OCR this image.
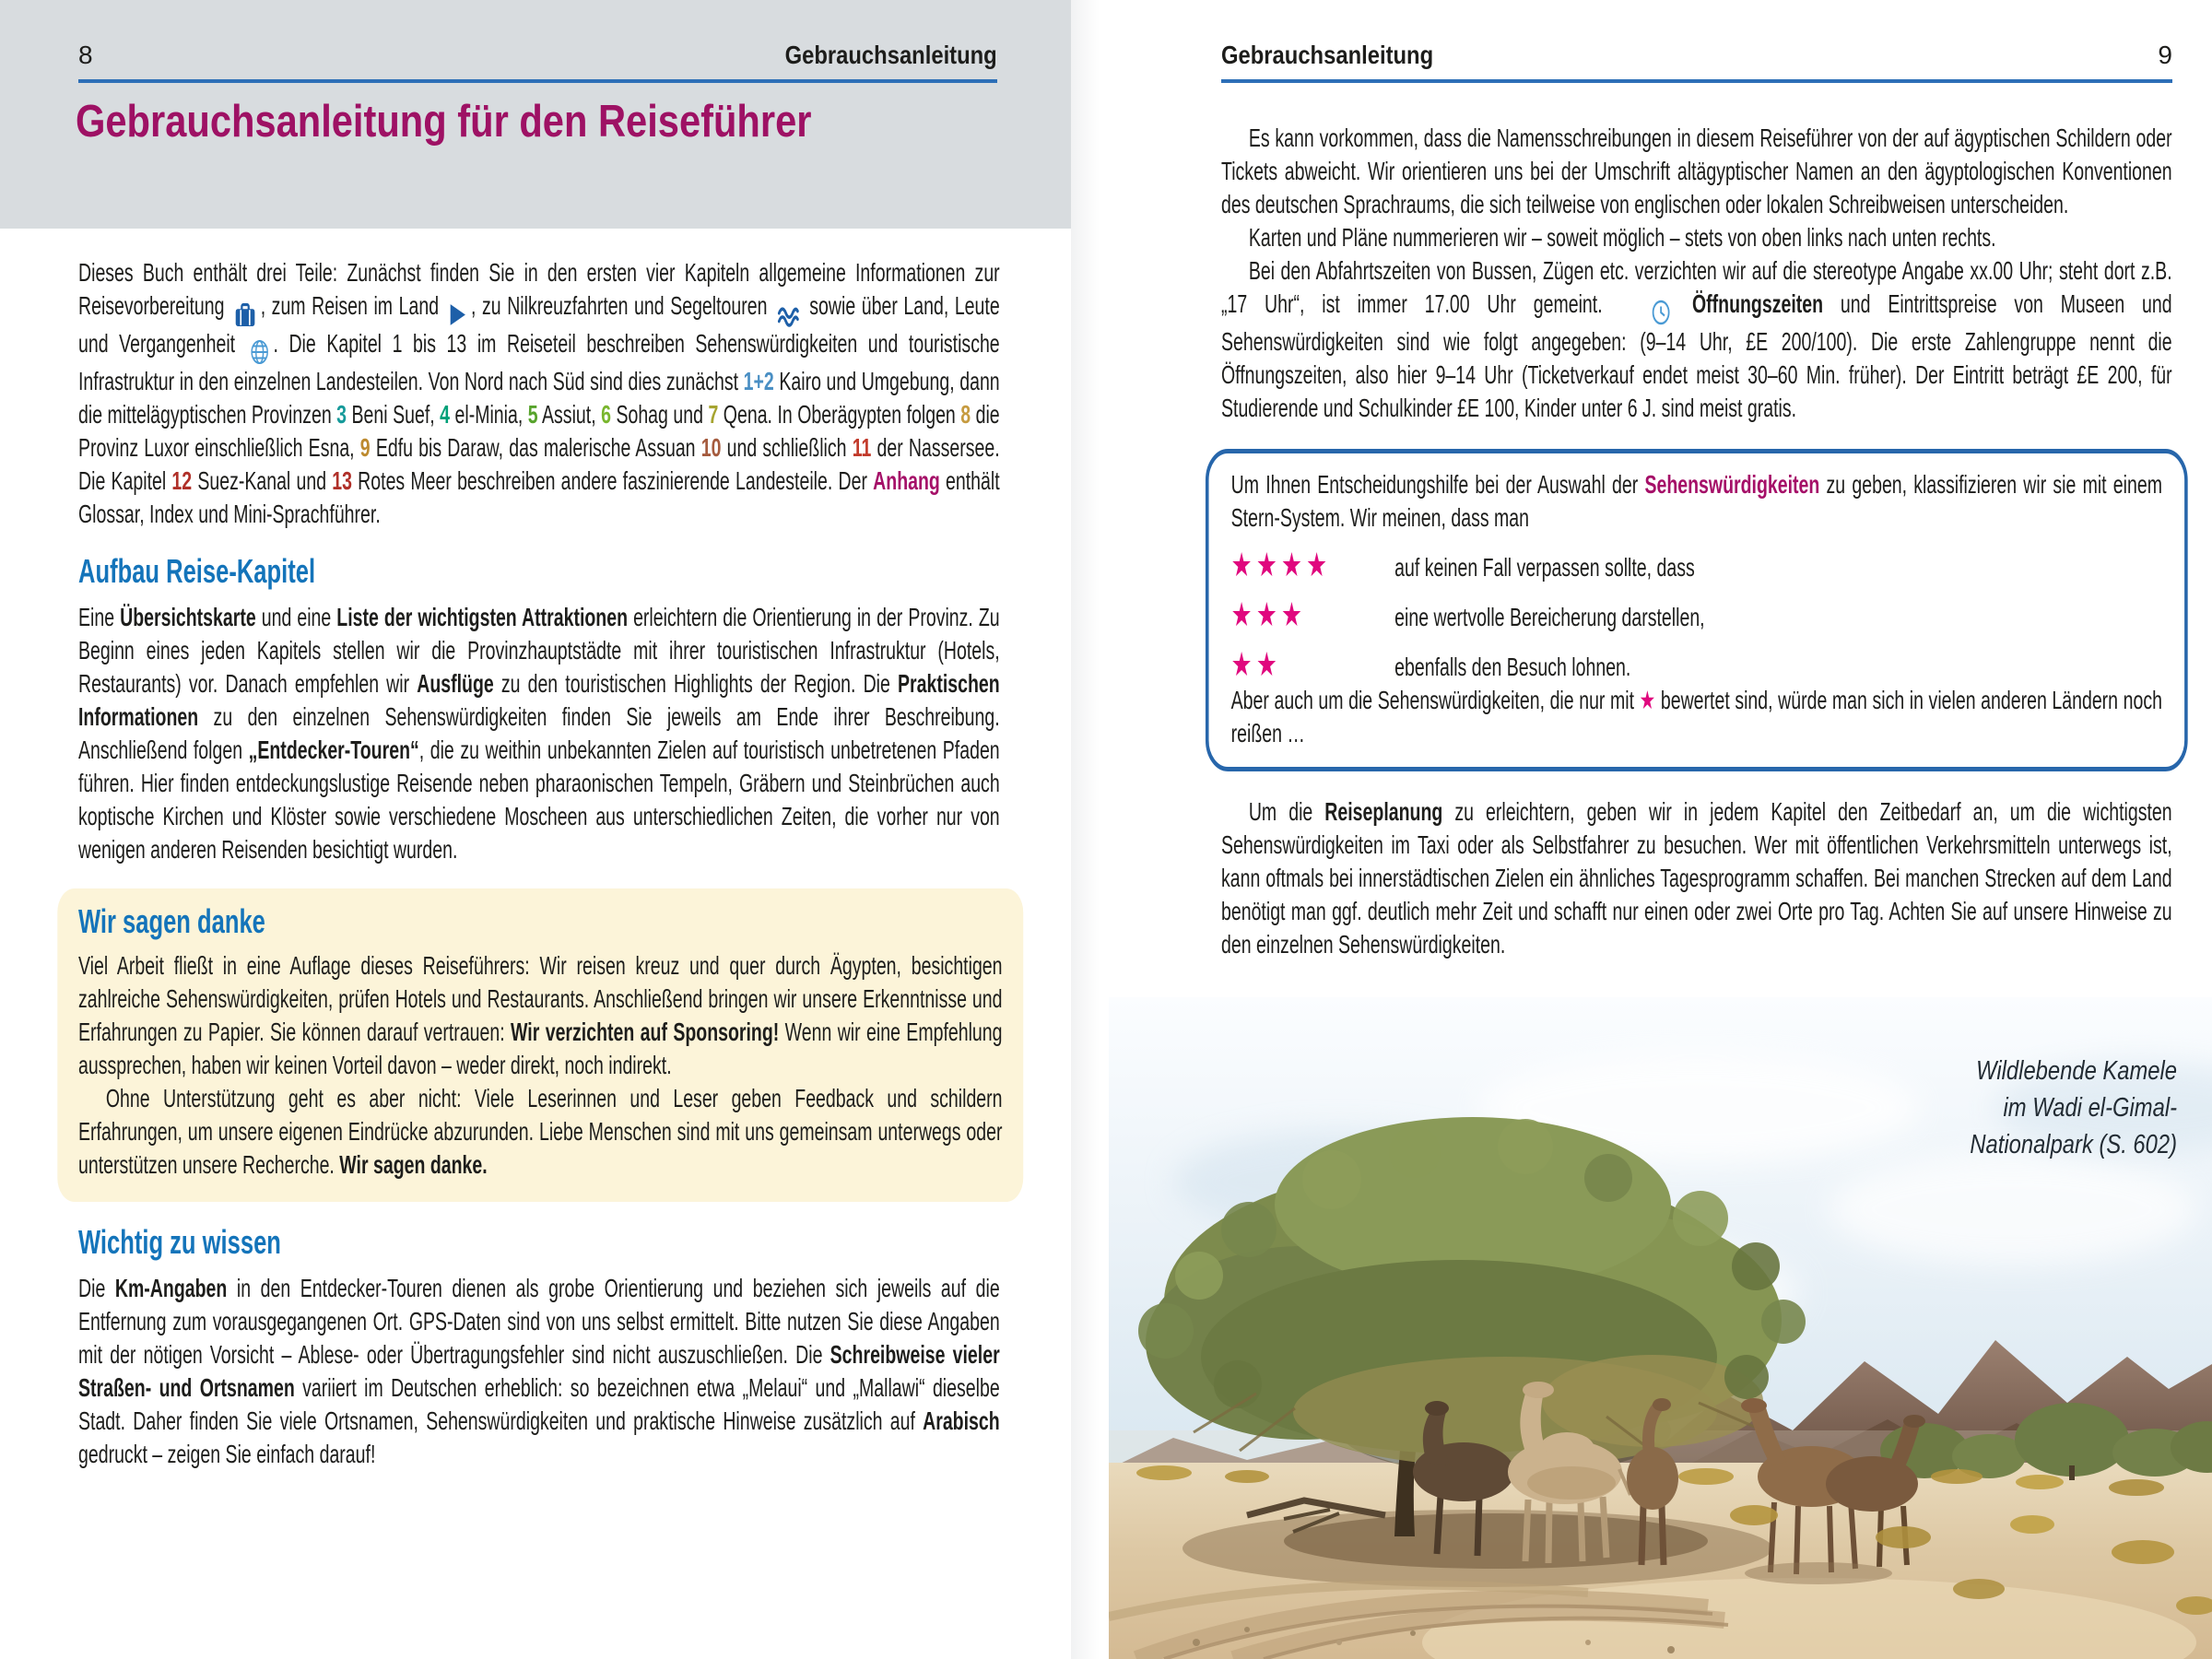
8	Gebrauchsanleitung
Gebrauchsanleitung für den Reiseführer

Dieses Buch enthält drei Teile: Zunächst finden Sie in den ersten vier Kapiteln allgemeine Informationen zur Reisevorbereitung , zum Reisen im Land , zu Nilkreuzfahrten und Segeltouren  sowie über Land, Leute und Vergangenheit . Die Kapitel 1 bis 13 im Reiseteil beschreiben Sehenswürdigkeiten und touristische Infrastruktur in den einzelnen Landesteilen. Von Nord nach Süd sind dies zunächst 1+2 Kairo und Umgebung, dann die mittelägyptischen Provinzen 3 Beni Suef, 4 el-Minia, 5 Assiut, 6 Sohag und 7 Qena. In Oberägypten folgen 8 die Provinz Luxor einschließlich Esna, 9 Edfu bis Daraw, das malerische Assuan 10 und schließlich 11 der Nassersee. Die Kapitel 12 Suez-Kanal und 13 Rotes Meer beschreiben andere faszinierende Landesteile. Der Anhang enthält Glossar, Index und Mini-Sprachführer.

Aufbau Reise-Kapitel

Eine Übersichtskarte und eine Liste der wichtigsten Attraktionen erleichtern die Orientierung in der Provinz. Zu Beginn eines jeden Kapitels stellen wir die Provinzhauptstädte mit ihrer touristischen Infrastruktur (Hotels, Restaurants) vor. Danach empfehlen wir Ausflüge zu den touristischen Highlights der Region. Die Praktischen Informationen zu den einzelnen Sehenswürdigkeiten finden Sie jeweils am Ende ihrer Beschreibung. Anschließend folgen „Entdecker-Touren“, die zu weithin unbekannten Zielen auf touristisch unbetretenen Pfaden führen. Hier finden entdeckungslustige Reisende neben pharaonischen Tempeln, Gräbern und Steinbrüchen auch koptische Kirchen und Klöster sowie verschiedene Moscheen aus unterschiedlichen Zeiten, die vorher nur von wenigen anderen Reisenden besichtigt wurden.

Wir sagen danke

Viel Arbeit fließt in eine Auflage dieses Reiseführers: Wir reisen kreuz und quer durch Ägypten, besichtigen zahlreiche Sehenswürdigkeiten, prüfen Hotels und Restaurants. Anschließend bringen wir unsere Erkenntnisse und Erfahrungen zu Papier. Sie können darauf vertrauen: Wir verzichten auf Sponsoring! Wenn wir eine Empfehlung aussprechen, haben wir keinen Vorteil davon – weder direkt, noch indirekt.

Ohne Unterstützung geht es aber nicht: Viele Leserinnen und Leser geben Feedback und schildern Erfahrungen, um unsere eigenen Eindrücke abzurunden. Liebe Menschen sind mit uns gemeinsam unterwegs oder unterstützen unsere Recherche. Wir sagen danke.

Wichtig zu wissen

Die Km-Angaben in den Entdecker-Touren dienen als grobe Orientierung und beziehen sich jeweils auf die Entfernung zum vorausgegangenen Ort. GPS-Daten sind von uns selbst ermittelt. Bitte nutzen Sie diese Angaben mit der nötigen Vorsicht – Ablese- oder Übertragungsfehler sind nicht auszuschließen. Die Schreibweise vieler Straßen- und Ortsnamen variiert im Deutschen erheblich: so bezeichnen etwa „Melaui“ und „Mallawi“ dieselbe Stadt. Daher finden Sie viele Ortsnamen, Sehenswürdigkeiten und praktische Hinweise zusätzlich auf Arabisch gedruckt – zeigen Sie einfach darauf!

Gebrauchsanleitung	9

Es kann vorkommen, dass die Namensschreibungen in diesem Reiseführer von der auf ägyptischen Schildern oder Tickets abweicht. Wir orientieren uns bei der Umschrift altägyptischer Namen an den ägyptologischen Konventionen des deutschen Sprachraums, die sich teilweise von englischen oder lokalen Schreibweisen unterscheiden.

Karten und Pläne nummerieren wir – soweit möglich – stets von oben links nach unten rechts.

Bei den Abfahrtszeiten von Bussen, Zügen etc. verzichten wir auf die stereotype Angabe xx.00 Uhr; steht dort z.B. „17 Uhr“, ist immer 17.00 Uhr gemeint.	Öffnungszeiten und Eintrittspreise von Museen und Sehenswürdigkeiten sind wie folgt angegeben: (9–14 Uhr, £E 200/100). Die erste Zahlengruppe nennt die Öffnungszeiten, also hier 9–14 Uhr (Ticketverkauf endet meist 30–60 Min. früher). Der Eintritt beträgt £E 200, für Studierende und Schulkinder £E 100, Kinder unter 6 J. sind meist gratis.

Um Ihnen Entscheidungshilfe bei der Auswahl der Sehenswürdigkeiten zu geben, klassifizieren wir sie mit einem Stern-System. Wir meinen, dass man

★★★★	auf keinen Fall verpassen sollte, dass
★★★	eine wertvolle Bereicherung darstellen,
★★	ebenfalls den Besuch lohnen.

Aber auch um die Sehenswürdigkeiten, die nur mit ★ bewertet sind, würde man sich in vielen anderen Ländern noch reißen …

Um die Reiseplanung zu erleichtern, geben wir in jedem Kapitel den Zeitbedarf an, um die wichtigsten Sehenswürdigkeiten im Taxi oder als Selbstfahrer zu besuchen. Wer mit öffentlichen Verkehrsmitteln unterwegs ist, kann oftmals bei innerstädtischen Zielen ein ähnliches Tagesprogramm schaffen. Bei manchen Strecken auf dem Land benötigt man ggf. deutlich mehr Zeit und schafft nur einen oder zwei Orte pro Tag. Achten Sie auf unsere Hinweise zu den einzelnen Sehenswürdigkeiten.

Wildlebende Kamele
im Wadi el-Gimal-
Nationalpark (S. 602)
